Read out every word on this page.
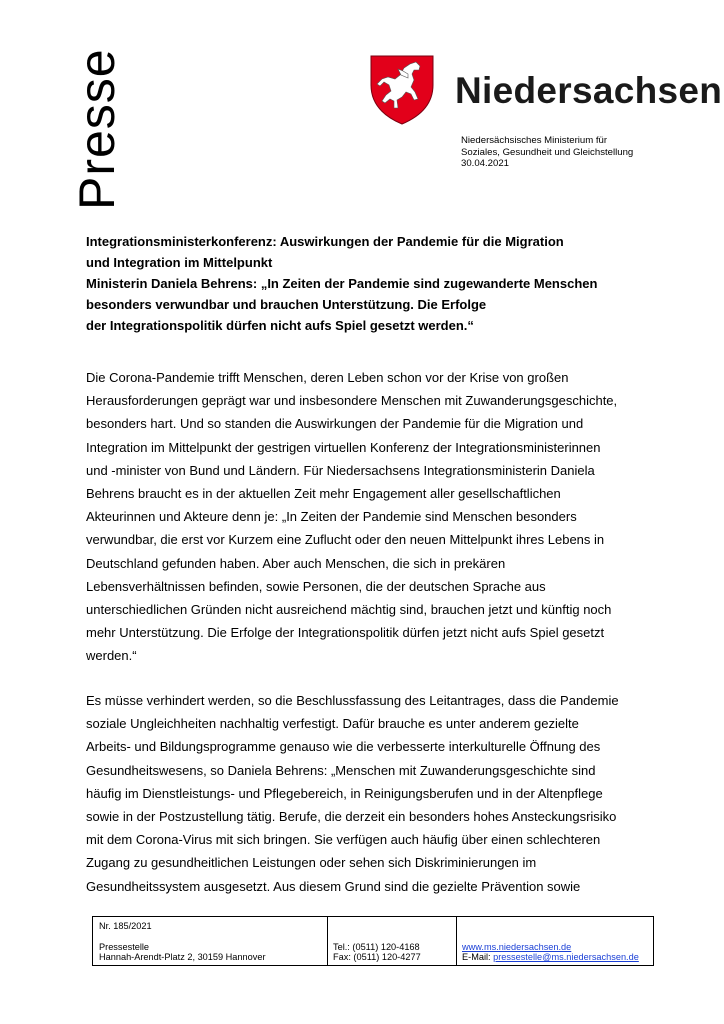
Presse	Niedersachsen
Niedersächsisches Ministerium für
Soziales, Gesundheit und Gleichstellung
30.04.2021
Integrationsministerkonferenz: Auswirkungen der Pandemie für die Migration
und Integration im Mittelpunkt
Ministerin Daniela Behrens: „In Zeiten der Pandemie sind zugewanderte Menschen
besonders verwundbar und brauchen Unterstützung. Die Erfolge
der Integrationspolitik dürfen nicht aufs Spiel gesetzt werden.“
Die Corona-Pandemie trifft Menschen, deren Leben schon vor der Krise von großen
Herausforderungen geprägt war und insbesondere Menschen mit Zuwanderungsgeschichte,
besonders hart. Und so standen die Auswirkungen der Pandemie für die Migration und
Integration im Mittelpunkt der gestrigen virtuellen Konferenz der Integrationsministerinnen
und -minister von Bund und Ländern. Für Niedersachsens Integrationsministerin Daniela
Behrens braucht es in der aktuellen Zeit mehr Engagement aller gesellschaftlichen
Akteurinnen und Akteure denn je: „In Zeiten der Pandemie sind Menschen besonders
verwundbar, die erst vor Kurzem eine Zuflucht oder den neuen Mittelpunkt ihres Lebens in
Deutschland gefunden haben. Aber auch Menschen, die sich in prekären
Lebensverhältnissen befinden, sowie Personen, die der deutschen Sprache aus
unterschiedlichen Gründen nicht ausreichend mächtig sind, brauchen jetzt und künftig noch
mehr Unterstützung. Die Erfolge der Integrationspolitik dürfen jetzt nicht aufs Spiel gesetzt
werden.“
Es müsse verhindert werden, so die Beschlussfassung des Leitantrages, dass die Pandemie
soziale Ungleichheiten nachhaltig verfestigt. Dafür brauche es unter anderem gezielte
Arbeits- und Bildungsprogramme genauso wie die verbesserte interkulturelle Öffnung des
Gesundheitswesens, so Daniela Behrens: „Menschen mit Zuwanderungsgeschichte sind
häufig im Dienstleistungs- und Pflegebereich, in Reinigungsberufen und in der Altenpflege
sowie in der Postzustellung tätig. Berufe, die derzeit ein besonders hohes Ansteckungsrisiko
mit dem Corona-Virus mit sich bringen. Sie verfügen auch häufig über einen schlechteren
Zugang zu gesundheitlichen Leistungen oder sehen sich Diskriminierungen im
Gesundheitssystem ausgesetzt. Aus diesem Grund sind die gezielte Prävention sowie
Nr. 185/2021
Pressestelle
Hannah-Arendt-Platz 2, 30159 Hannover
Tel.: (0511) 120-4168
Fax: (0511) 120-4277
www.ms.niedersachsen.de
E-Mail: pressestelle@ms.niedersachsen.de
